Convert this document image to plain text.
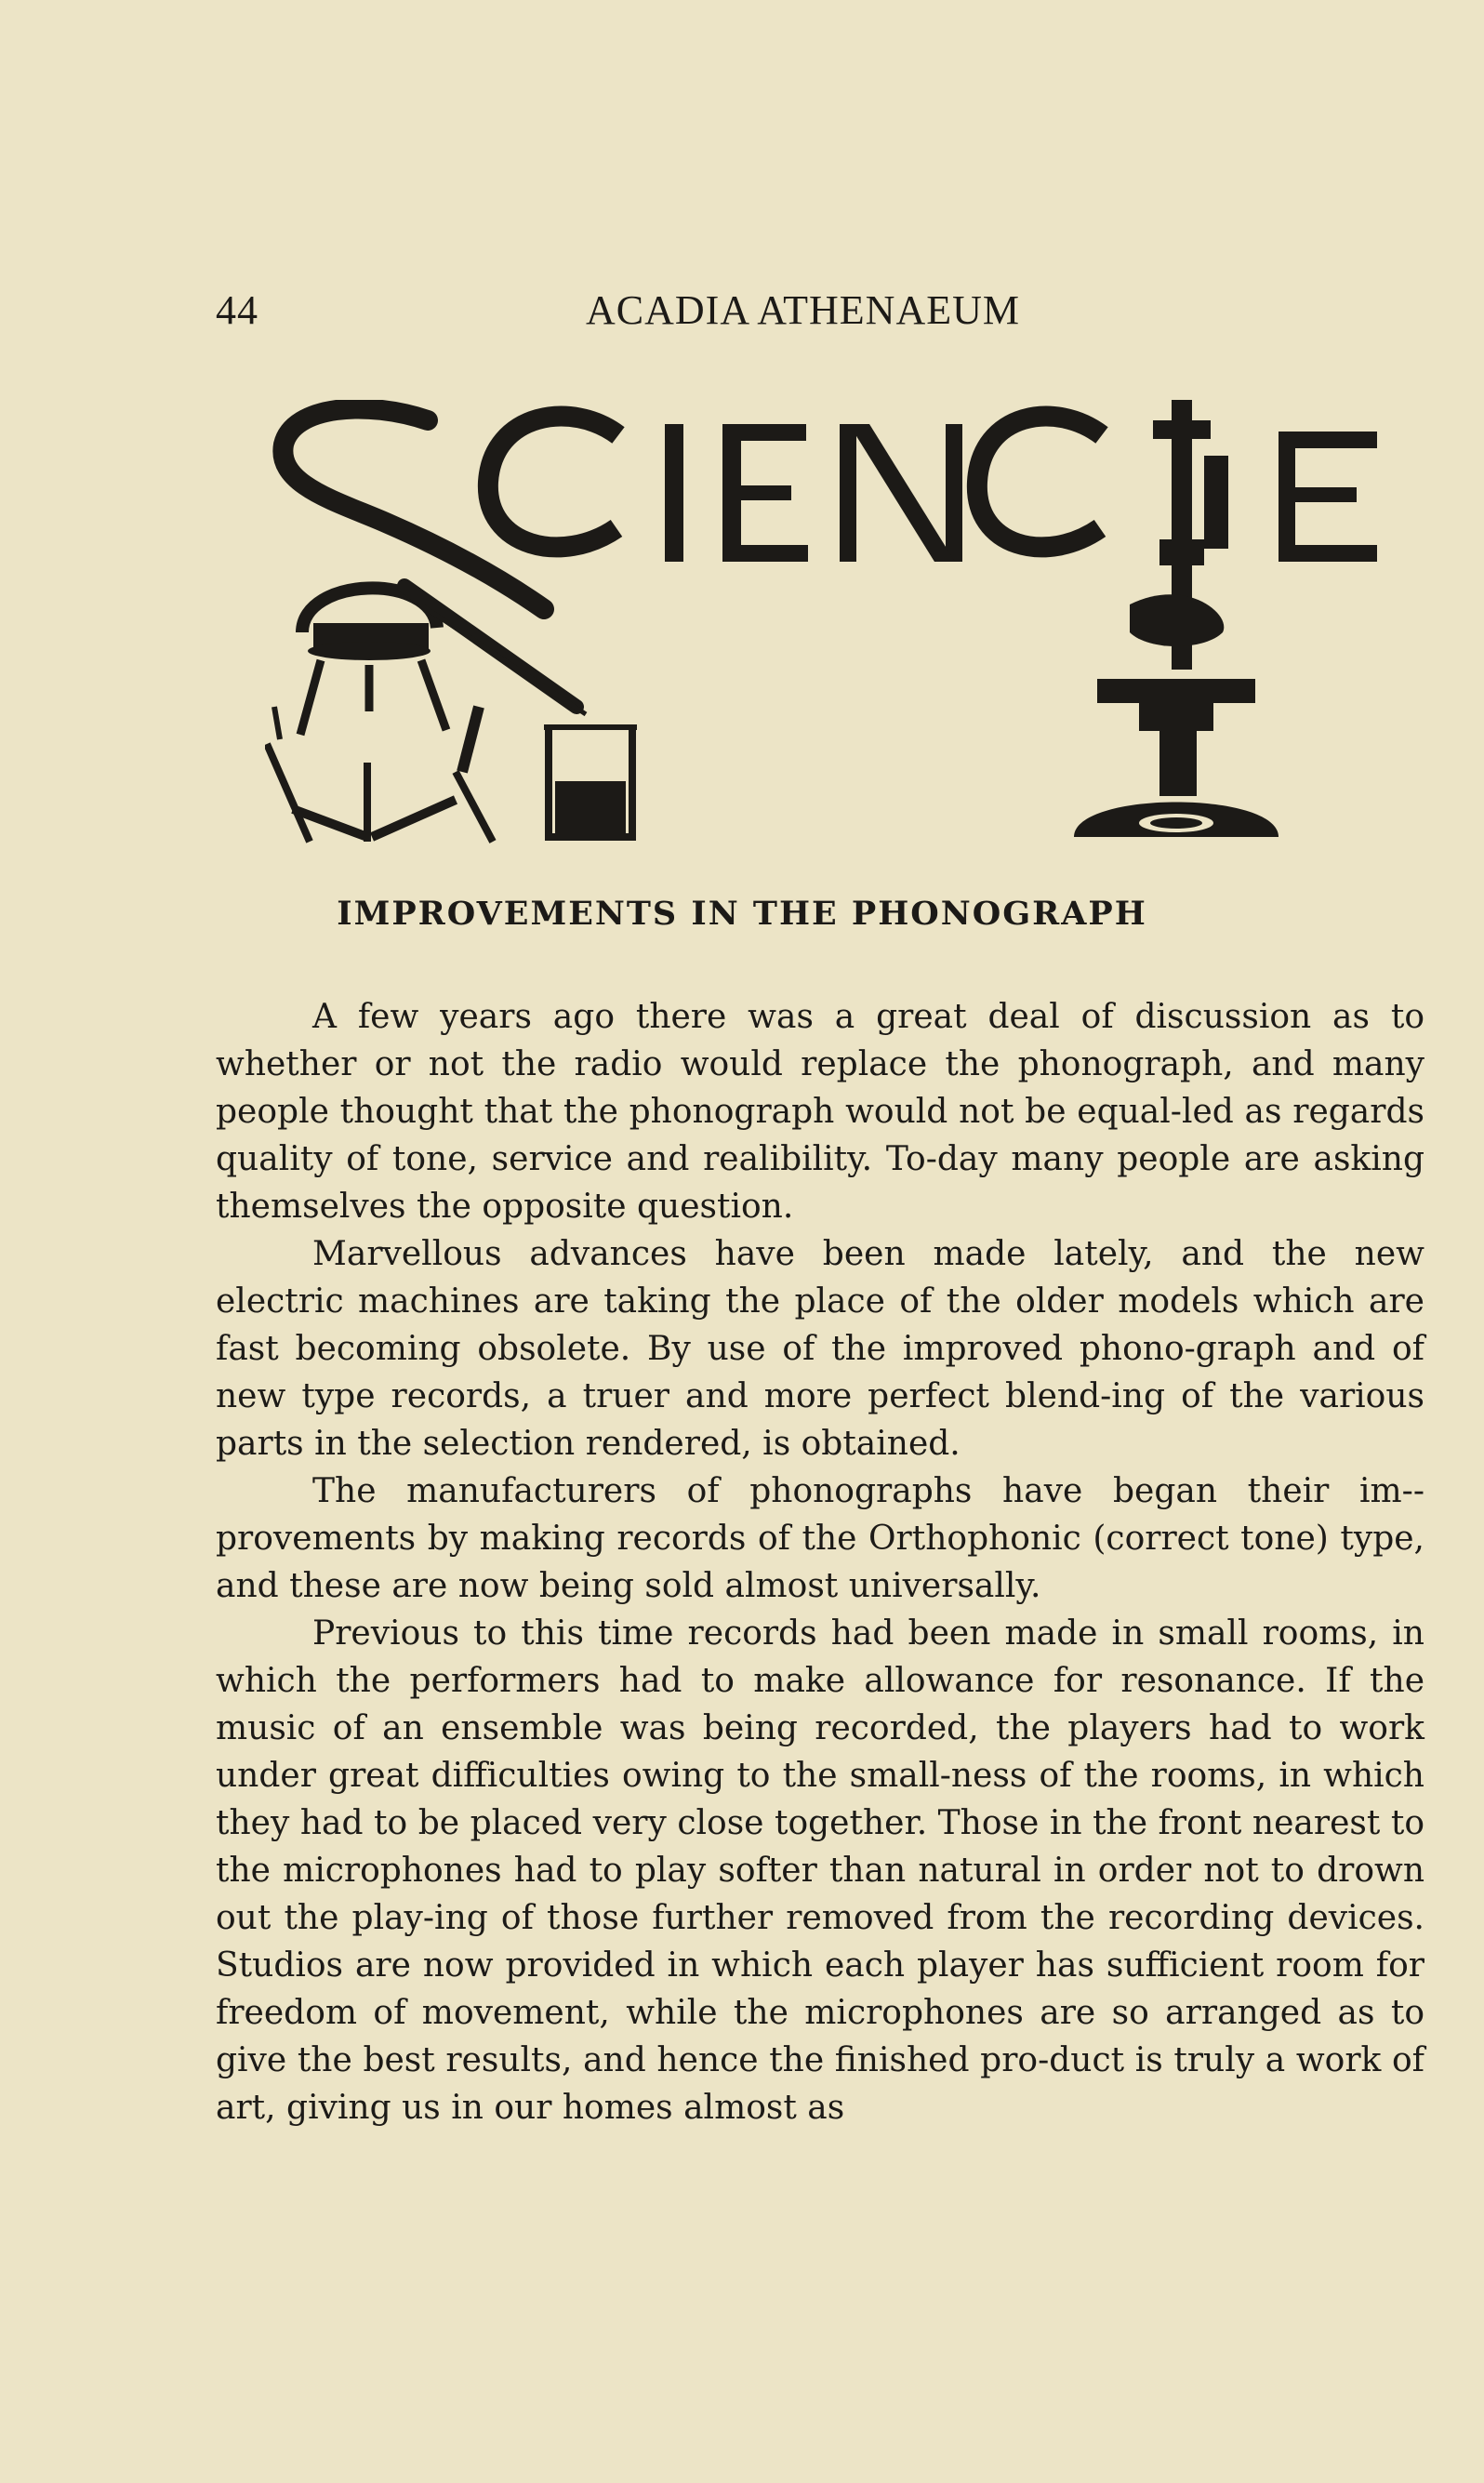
44	ACADIA ATHENAEUM
IMPROVEMENTS IN THE PHONOGRAPH

A few years ago there was a great deal of discussion as to whether or not the radio would replace the phonograph, and many people thought that the phonograph would not be equal-led as regards quality of tone, service and realibility. To-day many people are asking themselves the opposite question.

Marvellous advances have been made lately, and the new electric machines are taking the place of the older models which are fast becoming obsolete. By use of the improved phono-graph and of new type records, a truer and more perfect blend-ing of the various parts in the selection rendered, is obtained.

The manufacturers of phonographs have began their im--provements by making records of the Orthophonic (correct tone) type, and these are now being sold almost universally.

Previous to this time records had been made in small rooms, in which the performers had to make allowance for resonance. If the music of an ensemble was being recorded, the players had to work under great difficulties owing to the small-ness of the rooms, in which they had to be placed very close together. Those in the front nearest to the microphones had to play softer than natural in order not to drown out the play-ing of those further removed from the recording devices. Studios are now provided in which each player has sufficient room for freedom of movement, while the microphones are so arranged as to give the best results, and hence the finished pro-duct is truly a work of art, giving us in our homes almost as
